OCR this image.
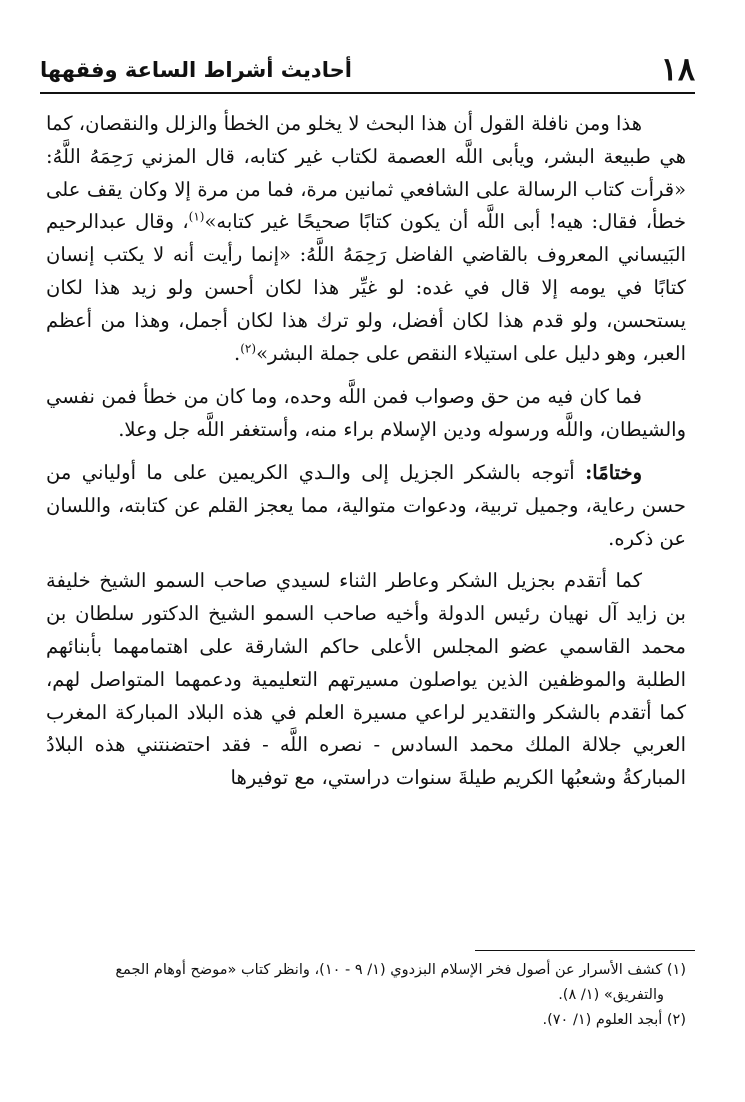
١٨
أحاديث أشراط الساعة وفقهها

هذا ومن نافلة القول أن هذا البحث لا يخلو من الخطأ والزلل والنقصان، كما هي طبيعة البشر، ويأبى اللَّه العصمة لكتاب غير كتابه، قال المزني رَحِمَهُ اللَّهُ: «قرأت كتاب الرسالة على الشافعي ثمانين مرة، فما من مرة إلا وكان يقف على خطأ، فقال: هيه! أبى اللَّه أن يكون كتابًا صحيحًا غير كتابه»$^{(١)}$، وقال عبدالرحيم البَيساني المعروف بالقاضي الفاضل رَحِمَهُ اللَّهُ: «إنما رأيت أنه لا يكتب إنسان كتابًا في يومه إلا قال في غده: لو غيِّر هذا لكان أحسن ولو زيد هذا لكان يستحسن، ولو قدم هذا لكان أفضل، ولو ترك هذا لكان أجمل، وهذا من أعظم العبر، وهو دليل على استيلاء النقص على جملة البشر»$^{(٢)}$.

فما كان فيه من حق وصواب فمن اللَّه وحده، وما كان من خطأ فمن نفسي والشيطان، واللَّه ورسوله ودين الإسلام براء منه، وأستغفر اللَّه جل وعلا.

وختامًا: أتوجه بالشكر الجزيل إلى والـدي الكريمين على ما أولياني من حسن رعاية، وجميل تربية، ودعوات متوالية، مما يعجز القلم عن كتابته، واللسان عن ذكره.

كما أتقدم بجزيل الشكر وعاطر الثناء لسيدي صاحب السمو الشيخ خليفة بن زايد آل نهيان رئيس الدولة وأخيه صاحب السمو الشيخ الدكتور سلطان بن محمد القاسمي عضو المجلس الأعلى حاكم الشارقة على اهتمامهما بأبنائهم الطلبة والموظفين الذين يواصلون مسيرتهم التعليمية ودعمهما المتواصل لهم، كما أتقدم بالشكر والتقدير لراعي مسيرة العلم في هذه البلاد المباركة المغرب العربي جلالة الملك محمد السادس - نصره اللَّه - فقد احتضنتني هذه البلادُ المباركةُ وشعبُها الكريم طيلةَ سنوات دراستي، مع توفيرها

(١) كشف الأسرار عن أصول فخر الإسلام البزدوي (١/ ٩ - ١٠)، وانظر كتاب «موضح أوهام الجمع
والتفريق» (١/ ٨).

(٢) أبجد العلوم (١/ ٧٠).
